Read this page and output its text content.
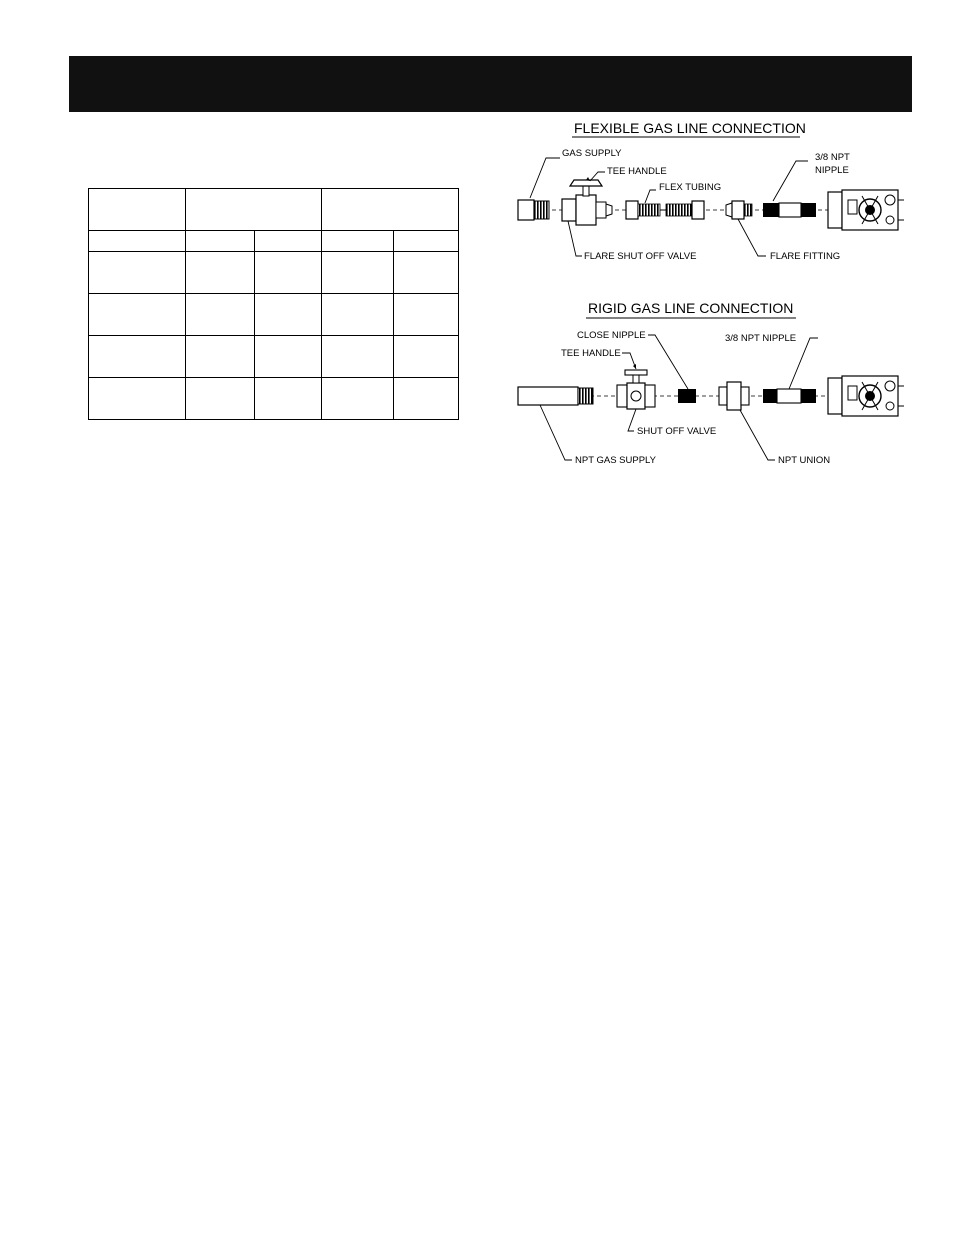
FLEXIBLE GAS LINE CONNECTION
GAS SUPPLY
TEE HANDLE
FLEX TUBING
3/8 NPT
NIPPLE
FLARE SHUT OFF VALVE	FLARE FITTING
RIGID GAS LINE CONNECTION
CLOSE NIPPLE
TEE HANDLE
3/8 NPT NIPPLE
SHUT OFF VALVE
NPT GAS SUPPLY	NPT UNION
